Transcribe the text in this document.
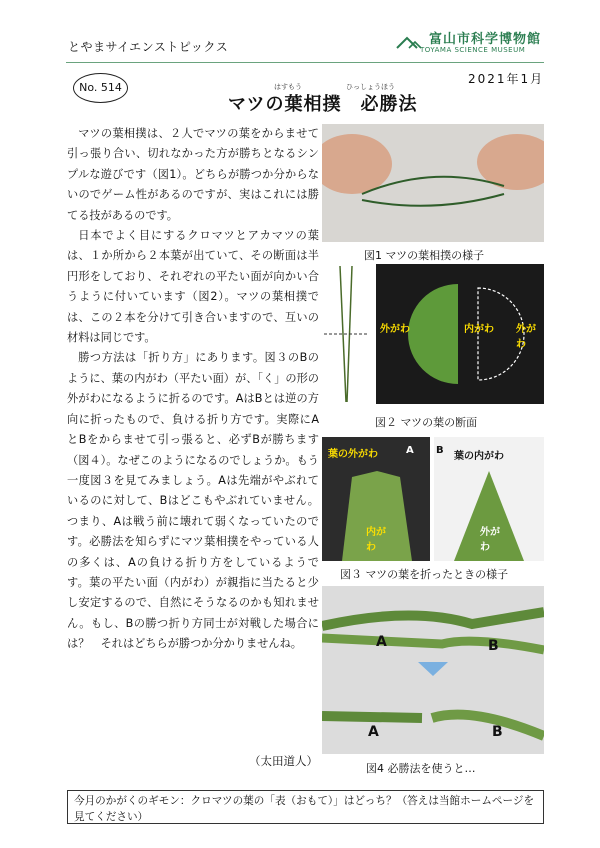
とやまサイエンストピックス	富山市科学博物館
TOYAMA SCIENCE MUSEUM
No. 514
2021年1月
マツの葉相撲　必勝法
はすもう	ひっしょうほう

マツの葉相撲は、２人でマツの葉をからませて引っ張り合い、切れなかった方が勝ちとなるシンプルな遊びです（図1）。どちらが勝つか分からないのでゲーム性があるのですが、実はこれには勝てる技があるのです。

日本でよく目にするクロマツとアカマツの葉は、１か所から２本葉が出ていて、その断面は半円形をしており、それぞれの平たい面が向かい合うように付いています（図2）。マツの葉相撲では、この２本を分けて引き合いますので、互いの材料は同じです。

勝つ方法は「折り方」にあります。図３のBのように、葉の内がわ（平たい面）が、「く」の形の外がわになるように折るのです。AはBとは逆の方向に折ったもので、負ける折り方です。実際にAとBをからませて引っ張ると、必ずBが勝ちます（図４）。なぜこのようになるのでしょうか。もう一度図３を見てみましょう。Aは先端がやぶれているのに対して、Bはどこもやぶれていません。つまり、Aは戦う前に壊れて弱くなっていたのです。必勝法を知らずにマツ葉相撲をやっている人の多くは、Aの負ける折り方をしているようです。葉の平たい面（内がわ）が親指に当たると少し安定するので、自然にそうなるのかも知れません。もし、Bの勝つ折り方同士が対戦した場合には？　それはどちらが勝つか分かりませんね。

（太田道人）
図1 マツの葉相撲の様子
外がわ	内がわ 外がわ
図２ マツの葉の断面
葉の外がわ	A
内がわ
B
葉の内がわ
外がわ
図３ マツの葉を折ったときの様子
A	B
A	B
図4 必勝法を使うと…
今月のかがくのギモン：クロマツの葉の「表（おもて）」はどっち？（答えは当館ホームページを見てください）
